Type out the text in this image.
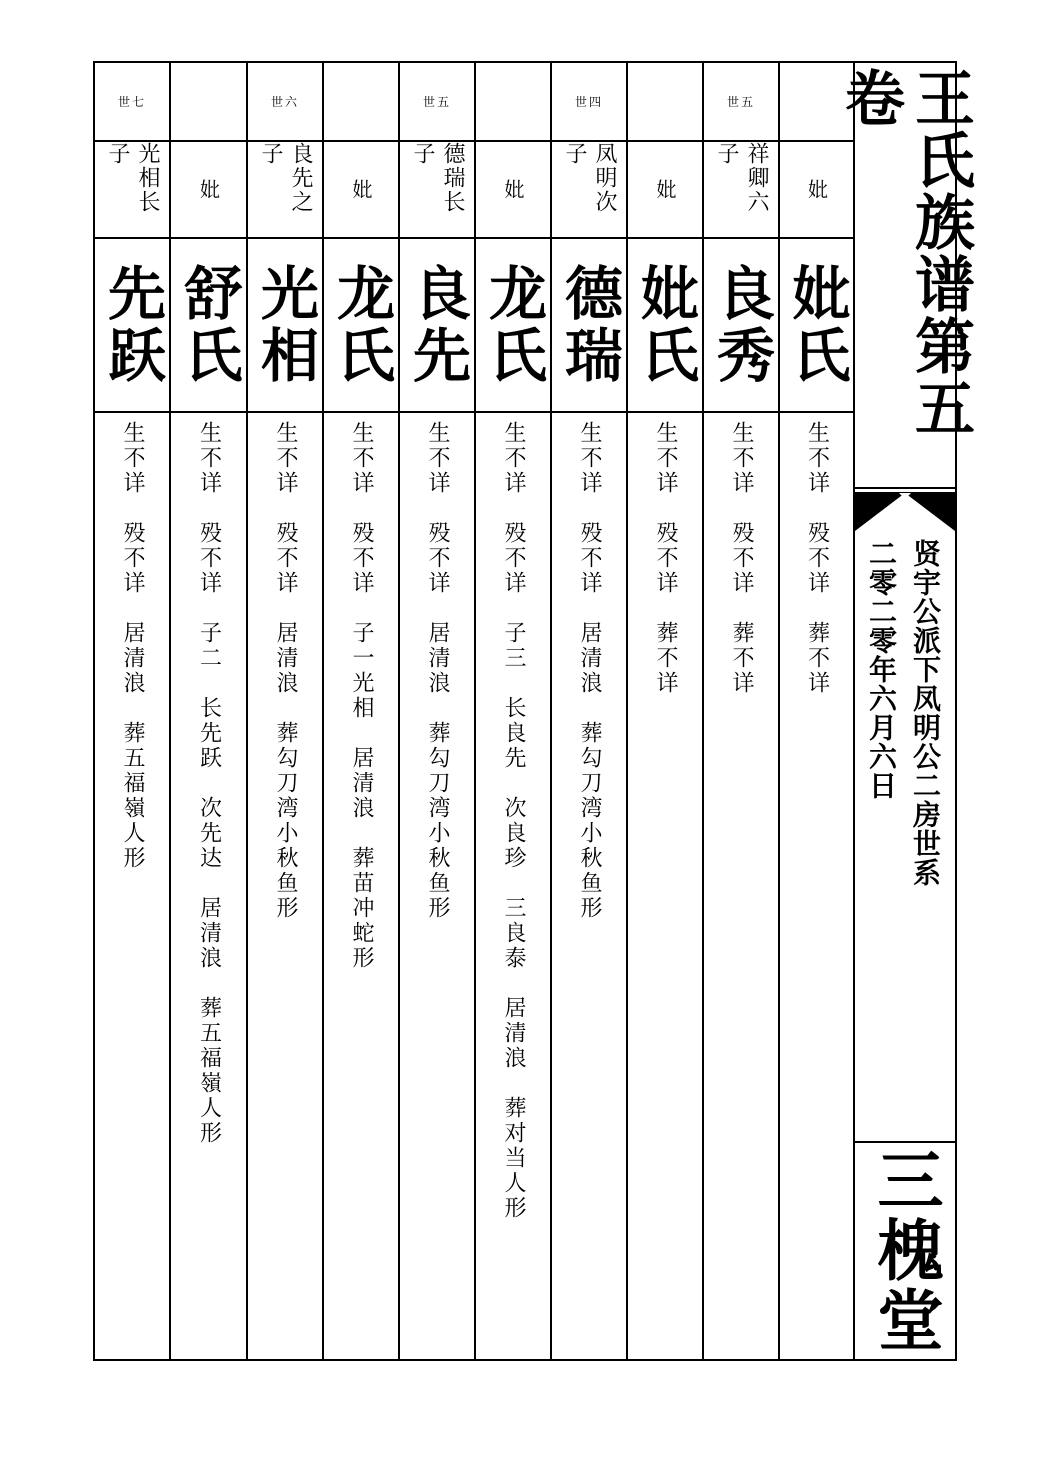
世七
光相长子
先跃
生不详　殁不详　居清浪　葬五福嶺人形
妣
舒氏
生不详　殁不详　子二　长先跃　次先达　居清浪　葬五福嶺人形
世六
良先之子
光相
生不详　殁不详　居清浪　葬勾刀湾小秋鱼形
妣
龙氏
生不详　殁不详　子一光相　居清浪　葬苗冲蛇形
世五
德瑞长子
良先
生不详　殁不详　居清浪　葬勾刀湾小秋鱼形
妣
龙氏
生不详　殁不详　子三　长良先　次良珍　三良泰　居清浪　葬对当人形
世四
凤明次子
德瑞
生不详　殁不详　居清浪　葬勾刀湾小秋鱼形
妣
妣氏
生不详　殁不详　葬不详
世五
祥卿六子
良秀
生不详　殁不详　葬不详
妣
妣氏
生不详　殁不详　葬不详
王氏族谱第五卷
贤宇公派下凤明公二房世系
二零二零年六月六日
三槐堂
